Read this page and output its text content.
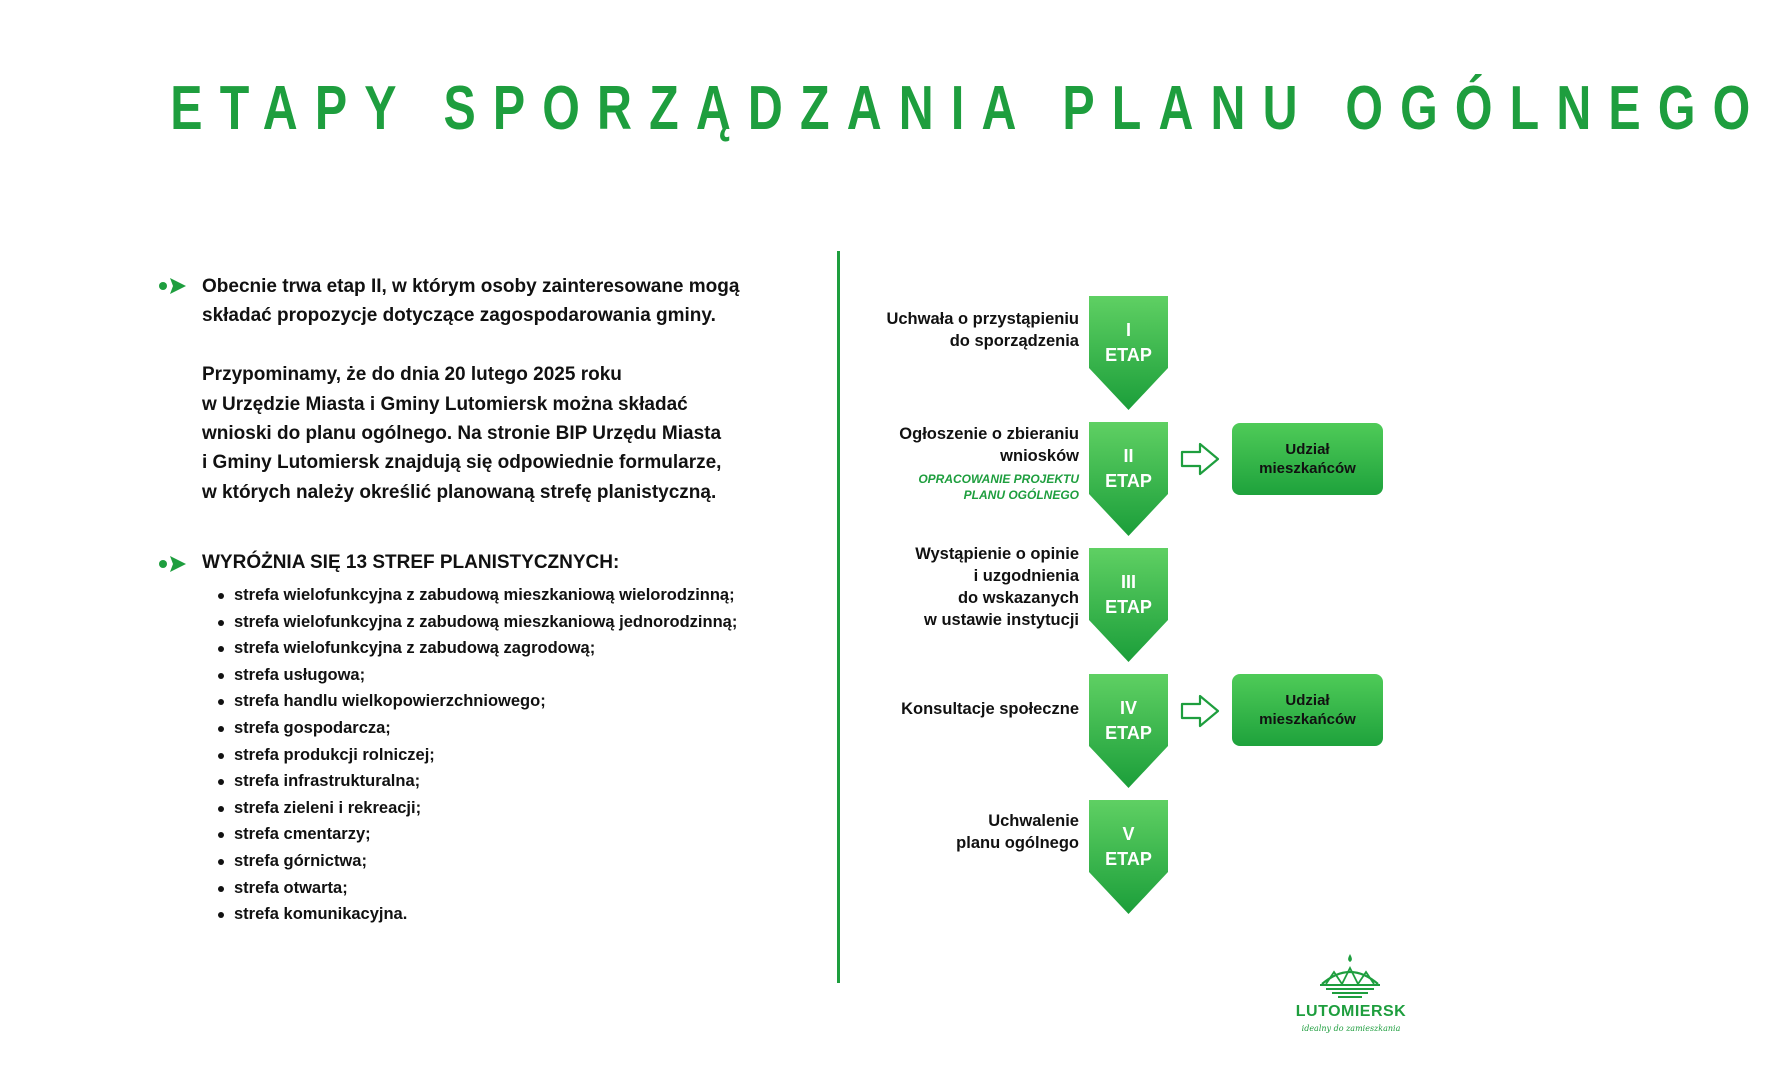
ETAPY SPORZĄDZANIA PLANU OGÓLNEGO
Obecnie trwa etap II, w którym osoby zainteresowane mogą
składać propozycje dotyczące zagospodarowania gminy.
Przypominamy, że do dnia 20 lutego 2025 roku
w Urzędzie Miasta i Gminy Lutomiersk można składać
wnioski do planu ogólnego. Na stronie BIP Urzędu Miasta
i Gminy Lutomiersk znajdują się odpowiednie formularze,
w których należy określić planowaną strefę planistyczną.
WYRÓŻNIA SIĘ 13 STREF PLANISTYCZNYCH:
strefa wielofunkcyjna z zabudową mieszkaniową wielorodzinną;
strefa wielofunkcyjna z zabudową mieszkaniową jednorodzinną;
strefa wielofunkcyjna z zabudową zagrodową;
strefa usługowa;
strefa handlu wielkopowierzchniowego;
strefa gospodarcza;
strefa produkcji rolniczej;
strefa infrastrukturalna;
strefa zieleni i rekreacji;
strefa cmentarzy;
strefa górnictwa;
strefa otwarta;
strefa komunikacyjna.
Uchwała o przystąpieniu
do sporządzenia
I
ETAP
Ogłoszenie o zbieraniu
wniosków
OPRACOWANIE PROJEKTU
PLANU OGÓLNEGO
II
ETAP
Udział
mieszkańców
Wystąpienie o opinie
i uzgodnienia
do wskazanych
w ustawie instytucji
III
ETAP
Konsultacje społeczne	IV
ETAP
Udział
mieszkańców
Uchwalenie
planu ogólnego	V
ETAP
LUTOMIERSK
idealny do zamieszkania
